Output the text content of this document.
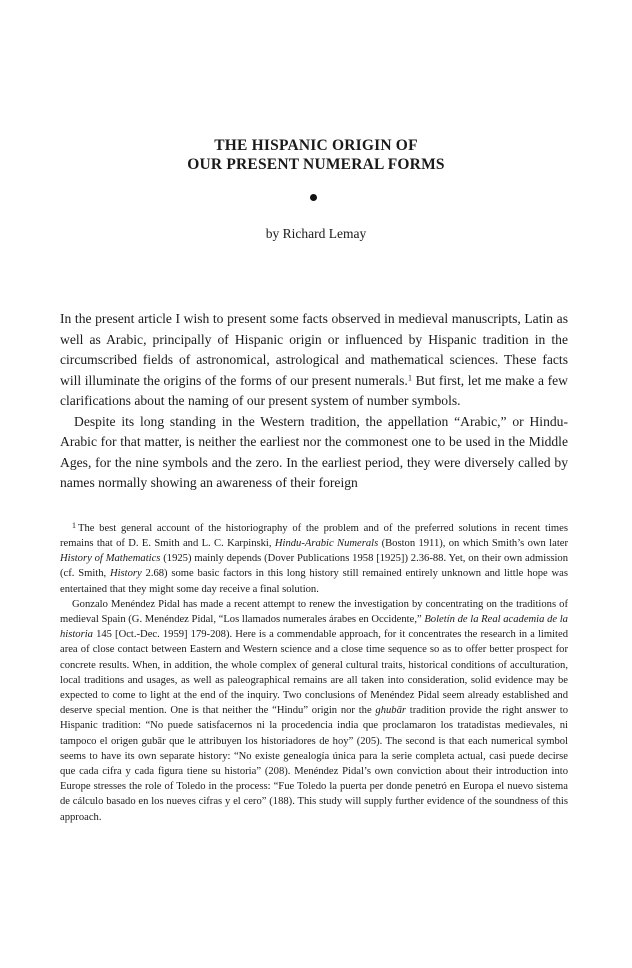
THE HISPANIC ORIGIN OF
OUR PRESENT NUMERAL FORMS
by Richard Lemay

In the present article I wish to present some facts observed in medieval manuscripts, Latin as well as Arabic, principally of Hispanic origin or influenced by Hispanic tradition in the circumscribed fields of astronomical, astrological and mathematical sciences. These facts will illuminate the origins of the forms of our present numerals.$^1$ But first, let me make a few clarifications about the naming of our present system of number symbols.

Despite its long standing in the Western tradition, the appellation “Arabic,” or Hindu-Arabic for that matter, is neither the earliest nor the commonest one to be used in the Middle Ages, for the nine symbols and the zero. In the earliest period, they were diversely called by names normally showing an awareness of their foreign

$^1$ The best general account of the historiography of the problem and of the preferred solutions in recent times remains that of D. E. Smith and L. C. Karpinski, Hindu-Arabic Numerals (Boston 1911), on which Smith’s own later History of Mathematics (1925) mainly depends (Dover Publications 1958 [1925]) 2.36-88. Yet, on their own admission (cf. Smith, History 2.68) some basic factors in this long history still remained entirely unknown and little hope was entertained that they might some day receive a final solution.

Gonzalo Menéndez Pidal has made a recent attempt to renew the investigation by concentrating on the traditions of medieval Spain (G. Menéndez Pidal, “Los llamados numerales árabes en Occidente,” Boletín de la Real academia de la historia 145 [Oct.-Dec. 1959] 179-208). Here is a commendable approach, for it concentrates the research in a limited area of close contact between Eastern and Western science and a close time sequence so as to offer better prospect for concrete results. When, in addition, the whole complex of general cultural traits, historical conditions of acculturation, local traditions and usages, as well as paleographical remains are all taken into consideration, solid evidence may be expected to come to light at the end of the inquiry. Two conclusions of Menéndez Pidal seem already established and deserve special mention. One is that neither the “Hindu” origin nor the ghubār tradition provide the right answer to Hispanic tradition: “No puede satisfacernos ni la procedencia india que proclamaron los tratadistas medievales, ni tampoco el origen gubār que le attribuyen los historiadores de hoy” (205). The second is that each numerical symbol seems to have its own separate history: “No existe genealogía única para la serie completa actual, casi puede decirse que cada cifra y cada figura tiene su historia” (208). Menéndez Pidal’s own conviction about their introduction into Europe stresses the role of Toledo in the process: “Fue Toledo la puerta per donde penetró en Europa el nuevo sistema de cálculo basado en los nueves cifras y el cero” (188). This study will supply further evidence of the soundness of this approach.
